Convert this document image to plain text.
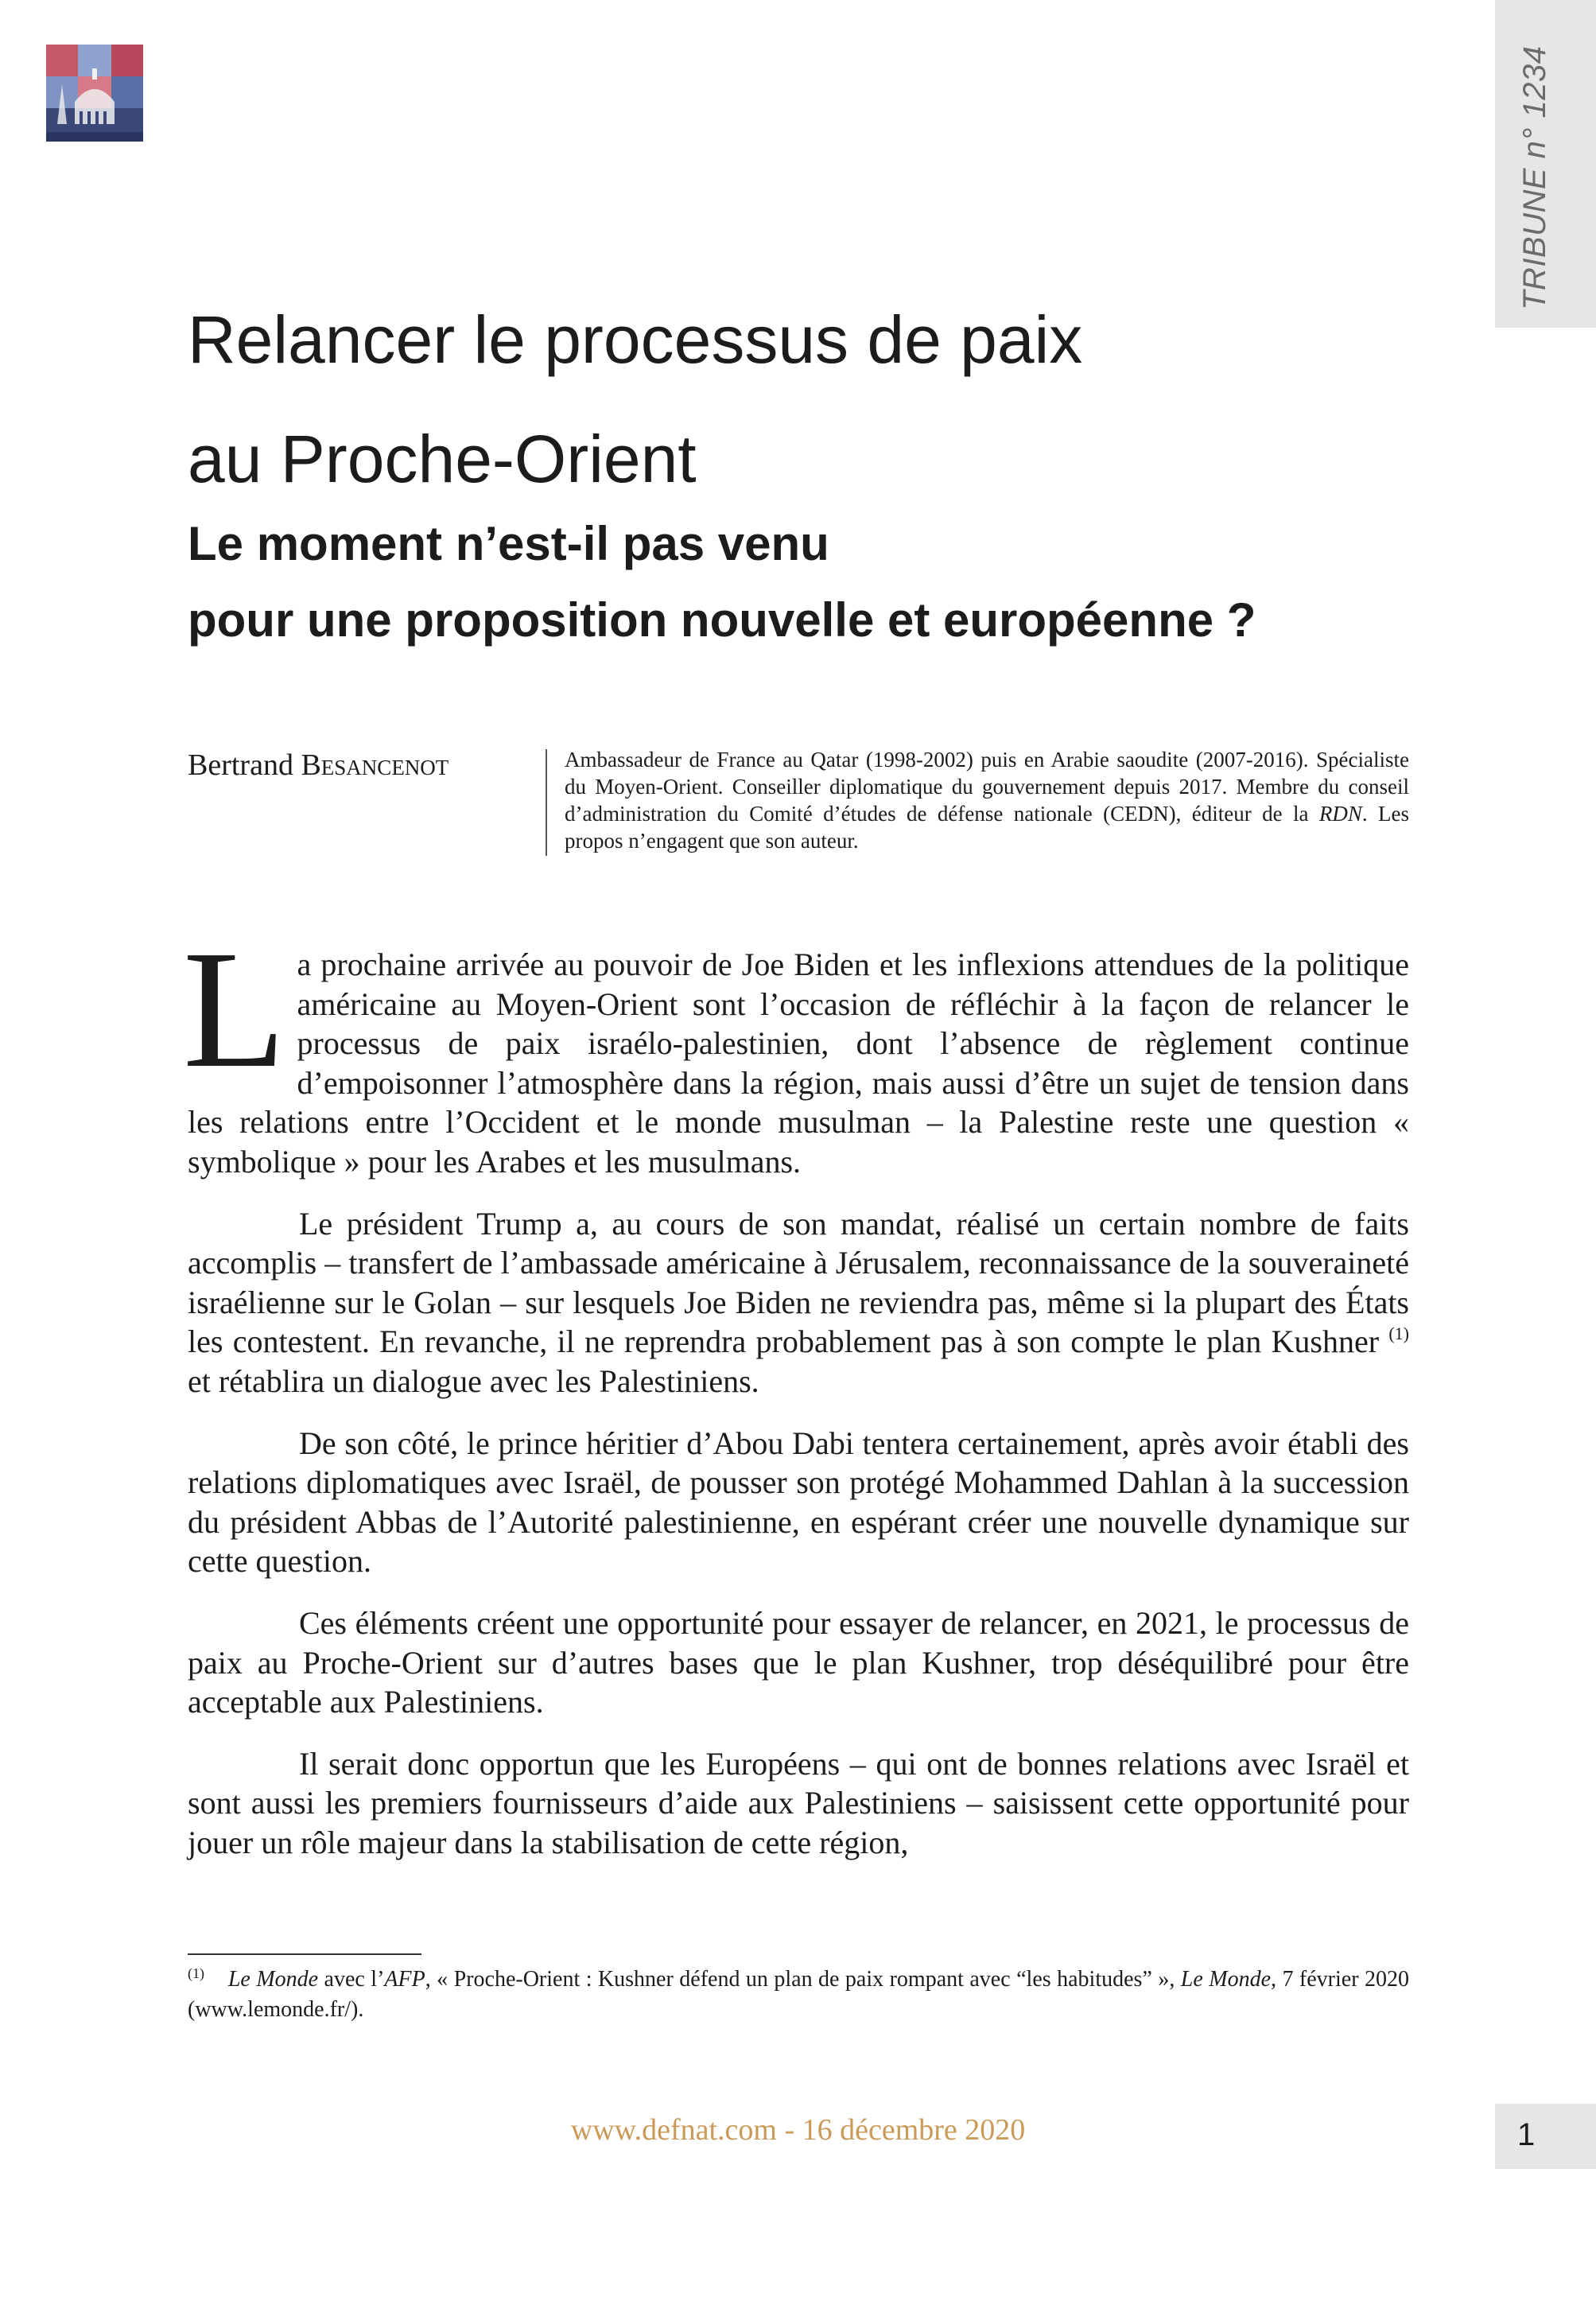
TRIBUNE n° 1234
Relancer le processus de paix
au Proche-Orient
Le moment n’est-il pas venu
pour une proposition nouvelle et européenne ?
Bertrand Besancenot	Ambassadeur de France au Qatar (1998-2002) puis en Arabie saoudite (2007-2016). Spécialiste du Moyen-Orient. Conseiller diplomatique du gouvernement depuis 2017. Membre du conseil d’administration du Comité d’études de défense nationale (CEDN), éditeur de la RDN. Les propos n’engagent que son auteur.

La prochaine arrivée au pouvoir de Joe Biden et les inflexions attendues de la politique américaine au Moyen-Orient sont l’occasion de réfléchir à la façon de relancer le processus de paix israélo-palestinien, dont l’absence de règlement continue d’empoisonner l’atmosphère dans la région, mais aussi d’être un sujet de tension dans les relations entre l’Occident et le monde musulman – la Palestine reste une question « symbolique » pour les Arabes et les musulmans.

Le président Trump a, au cours de son mandat, réalisé un certain nombre de faits accomplis – transfert de l’ambassade américaine à Jérusalem, reconnaissance de la souveraineté israélienne sur le Golan – sur lesquels Joe Biden ne reviendra pas, même si la plupart des États les contestent. En revanche, il ne reprendra probablement pas à son compte le plan Kushner $^{(1)}$ et rétablira un dialogue avec les Palestiniens.

De son côté, le prince héritier d’Abou Dabi tentera certainement, après avoir établi des relations diplomatiques avec Israël, de pousser son protégé Mohammed Dahlan à la succession du président Abbas de l’Autorité palestinienne, en espérant créer une nouvelle dynamique sur cette question.

Ces éléments créent une opportunité pour essayer de relancer, en 2021, le processus de paix au Proche-Orient sur d’autres bases que le plan Kushner, trop déséquilibré pour être acceptable aux Palestiniens.

Il serait donc opportun que les Européens – qui ont de bonnes relations avec Israël et sont aussi les premiers fournisseurs d’aide aux Palestiniens – saisissent cette opportunité pour jouer un rôle majeur dans la stabilisation de cette région,

$^{(1)}$ Le Monde avec l’AFP, « Proche-Orient : Kushner défend un plan de paix rompant avec “les habitudes” », Le Monde, 7 février 2020 (www.lemonde.fr/).
www.defnat.com - 16 décembre 2020	1
